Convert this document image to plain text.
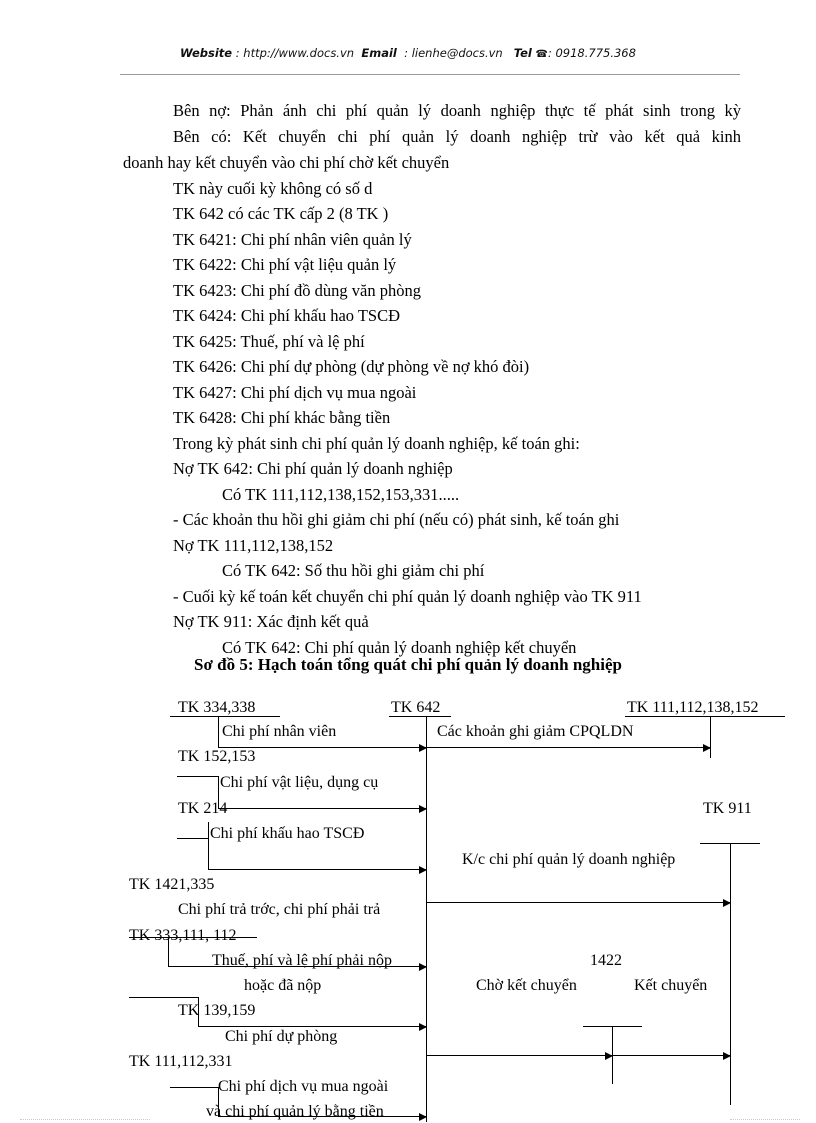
Website : http://www.docs.vn Email : lienhe@docs.vn Tel ☎: 0918.775.368
Bên nợ: Phản ánh chi phí quản lý doanh nghiệp thực tế phát sinh trong kỳ
Bên có: Kết chuyển chi phí quản lý doanh nghiệp trừ vào kết quả kinh
doanh hay kết chuyển vào chi phí chờ kết chuyển
TK này cuối kỳ không có số d
TK 642 có các TK cấp 2 (8 TK )
TK 6421: Chi phí nhân viên quản lý
TK 6422: Chi phí vật liệu quản lý
TK 6423: Chi phí đồ dùng văn phòng
TK 6424: Chi phí khấu hao TSCĐ
TK 6425: Thuế, phí và lệ phí
TK 6426: Chi phí dự phòng (dự phòng về nợ khó đòi)
TK 6427: Chi phí dịch vụ mua ngoài
TK 6428: Chi phí khác bằng tiền
Trong kỳ phát sinh chi phí quản lý doanh nghiệp, kế toán ghi:
Nợ TK 642: Chi phí quản lý doanh nghiệp
Có TK 111,112,138,152,153,331.....
- Các khoản thu hồi ghi giảm chi phí (nếu có) phát sinh, kế toán ghi
Nợ TK 111,112,138,152
Có TK 642: Số thu hồi ghi giảm chi phí
- Cuối kỳ kế toán kết chuyển chi phí quản lý doanh nghiệp vào TK 911
Nợ TK 911: Xác định kết quả
Có TK 642: Chi phí quản lý doanh nghiệp kết chuyển
Sơ đồ 5: Hạch toán tổng quát chi phí quản lý doanh nghiệp
TK 334,338	TK 642	TK 111,112,138,152
Chi phí nhân viên	Các khoản ghi giảm CPQLDN
TK 152,153
Chi phí vật liệu, dụng cụ
TK 214	TK 911
Chi phí khấu hao TSCĐ
K/c chi phí quản lý doanh nghiệp
TK 1421,335
Chi phí trả trớc, chi phí phải trả
TK 333,111, 112
Thuế, phí và lệ phí phải nộp
hoặc đã nộp
1422
Chờ kết chuyển	Kết chuyển
TK 139,159
Chi phí dự phòng
TK 111,112,331
Chi phí dịch vụ mua ngoài
và chi phí quản lý bằng tiền
